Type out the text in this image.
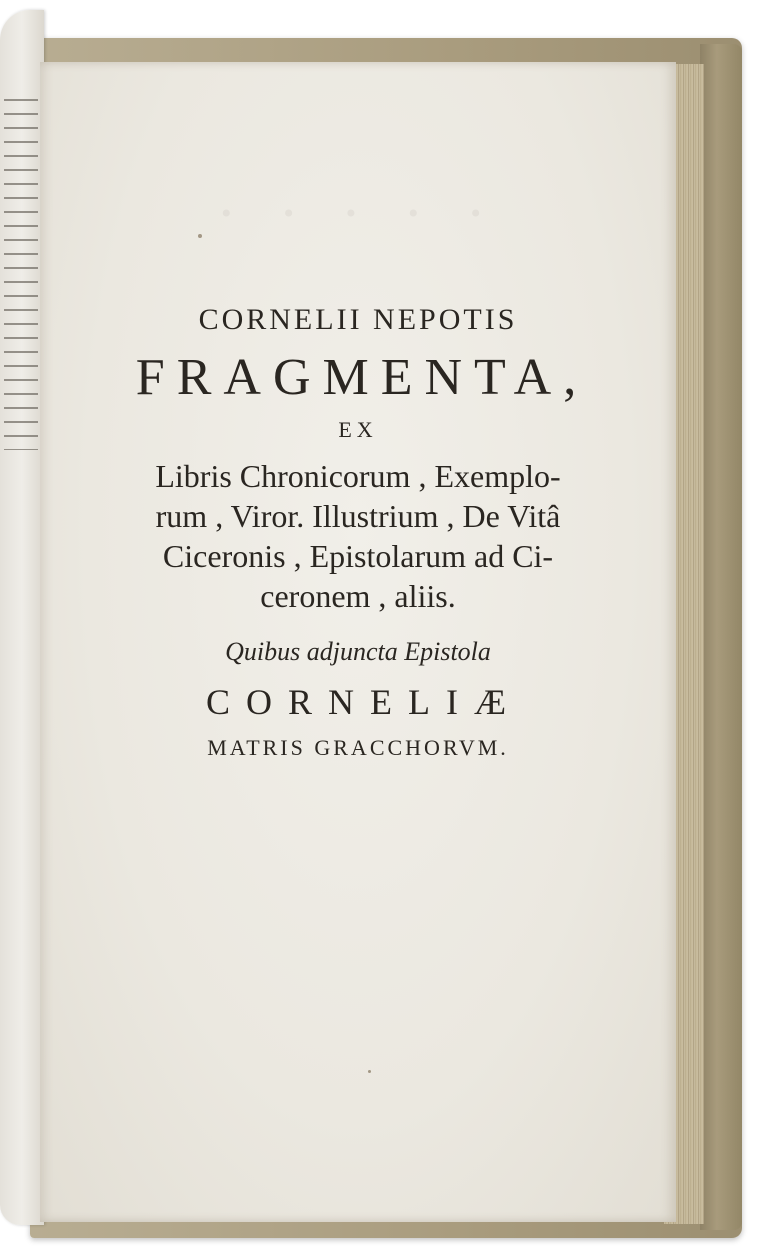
· · · · ·
CORNELII NEPOTIS
FRAGMENTA,
EX
Libris Chronicorum , Exemplo-
rum , Viror. Illustrium , De Vitâ
Ciceronis , Epistolarum ad Ci-
ceronem , aliis.
Quibus adjuncta Epistola
CORNELIÆ
MATRIS GRACCHORVM.
